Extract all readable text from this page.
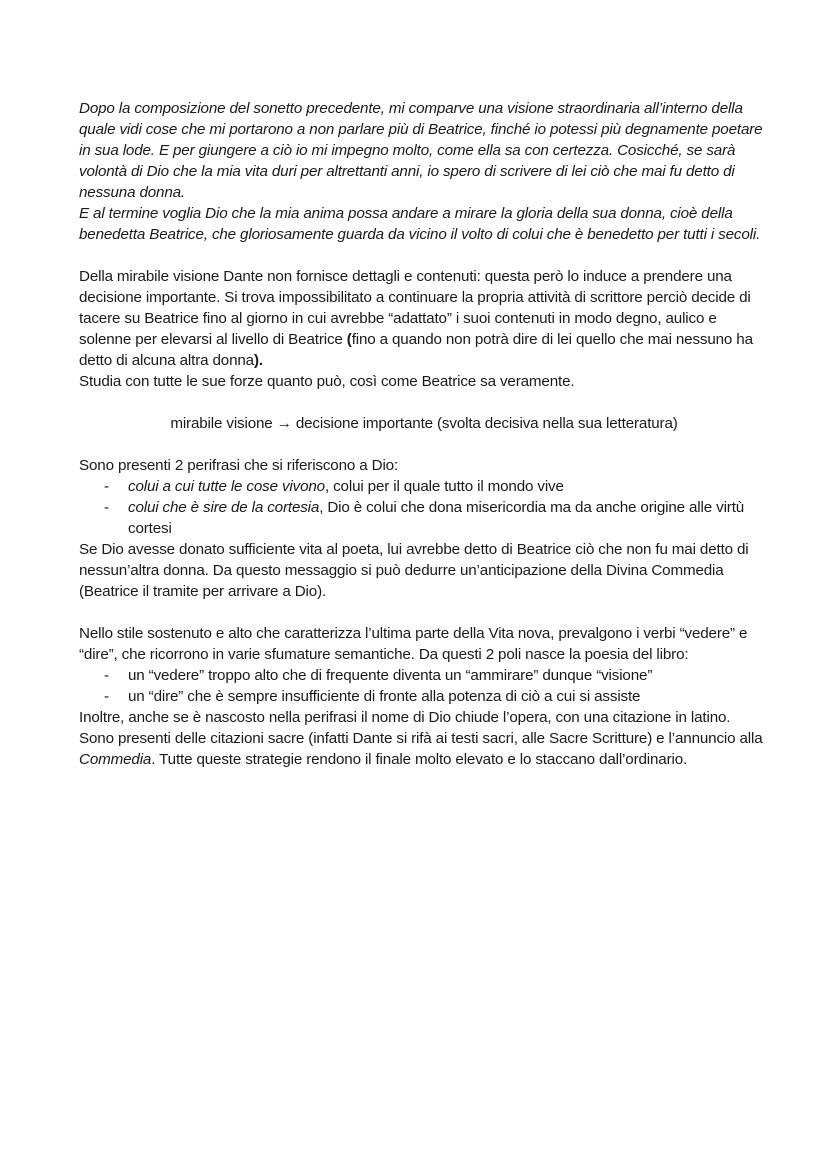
Dopo la composizione del sonetto precedente, mi comparve una visione straordinaria all’interno della quale vidi cose che mi portarono a non parlare più di Beatrice, finché io potessi più degnamente poetare in sua lode. E per giungere a ciò io mi impegno molto, come ella sa con certezza. Cosicché, se sarà volontà di Dio che la mia vita duri per altrettanti anni, io spero di scrivere di lei ciò che mai fu detto di nessuna donna.

E al termine voglia Dio che la mia anima possa andare a mirare la gloria della sua donna, cioè della benedetta Beatrice, che gloriosamente guarda da vicino il volto di colui che è benedetto per tutti i secoli.

Della mirabile visione Dante non fornisce dettagli e contenuti: questa però lo induce a prendere una decisione importante. Si trova impossibilitato a continuare la propria attività di scrittore perciò decide di tacere su Beatrice fino al giorno in cui avrebbe “adattato” i suoi contenuti in modo degno, aulico e solenne per elevarsi al livello di Beatrice (fino a quando non potrà dire di lei quello che mai nessuno ha detto di alcuna altra donna).

Studia con tutte le sue forze quanto può, così come Beatrice sa veramente.

mirabile visione → decisione importante (svolta decisiva nella sua letteratura)

Sono presenti 2 perifrasi che si riferiscono a Dio:

- colui a cui tutte le cose vivono, colui per il quale tutto il mondo vive
- colui che è sire de la cortesia, Dio è colui che dona misericordia ma da anche origine alle virtù cortesi

Se Dio avesse donato sufficiente vita al poeta, lui avrebbe detto di Beatrice ciò che non fu mai detto di nessun’altra donna. Da questo messaggio si può dedurre un’anticipazione della Divina Commedia (Beatrice il tramite per arrivare a Dio).

Nello stile sostenuto e alto che caratterizza l’ultima parte della Vita nova, prevalgono i verbi “vedere” e “dire”, che ricorrono in varie sfumature semantiche. Da questi 2 poli nasce la poesia del libro:

- un “vedere” troppo alto che di frequente diventa un “ammirare” dunque “visione”
- un “dire” che è sempre insufficiente di fronte alla potenza di ciò a cui si assiste

Inoltre, anche se è nascosto nella perifrasi il nome di Dio chiude l’opera, con una citazione in latino. Sono presenti delle citazioni sacre (infatti Dante si rifà ai testi sacri, alle Sacre Scritture) e l’annuncio alla Commedia. Tutte queste strategie rendono il finale molto elevato e lo staccano dall’ordinario.
